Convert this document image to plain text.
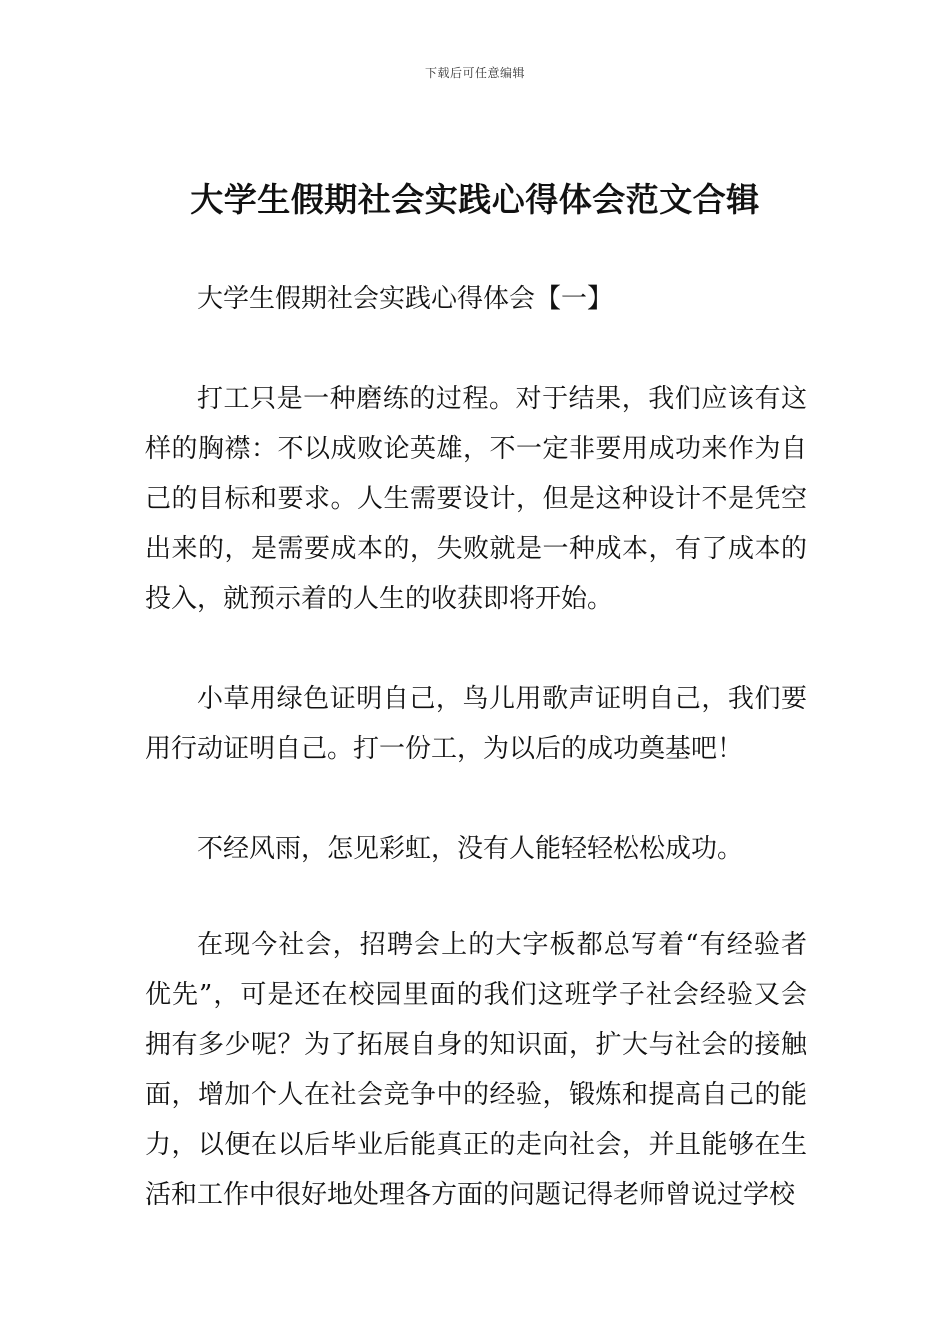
下载后可任意编辑
大学生假期社会实践心得体会范文合辑

大学生假期社会实践心得体会【一】

打工只是一种磨练的过程。对于结果，我们应该有这样的胸襟：不以成败论英雄，不一定非要用成功来作为自己的目标和要求。人生需要设计，但是这种设计不是凭空出来的，是需要成本的，失败就是一种成本，有了成本的投入，就预示着的人生的收获即将开始。

小草用绿色证明自己，鸟儿用歌声证明自己，我们要用行动证明自己。打一份工，为以后的成功奠基吧！

不经风雨，怎见彩虹，没有人能轻轻松松成功。

在现今社会，招聘会上的大字板都总写着“有经验者优先”，可是还在校园里面的我们这班学子社会经验又会拥有多少呢？为了拓展自身的知识面，扩大与社会的接触面，增加个人在社会竞争中的经验，锻炼和提高自己的能力，以便在以后毕业后能真正的走向社会，并且能够在生活和工作中很好地处理各方面的问题记得老师曾说过学校
